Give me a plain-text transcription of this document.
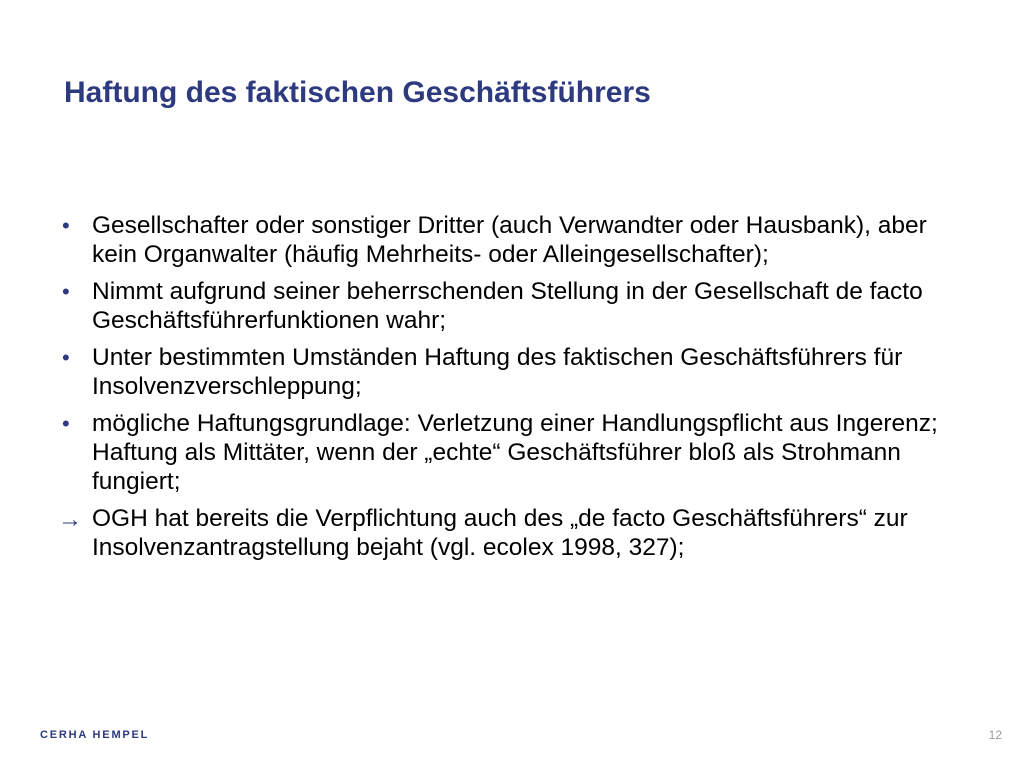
Haftung des faktischen Geschäftsführers
• Gesellschafter oder sonstiger Dritter (auch Verwandter oder Hausbank), aber kein Organwalter (häufig Mehrheits- oder Alleingesellschafter);
• Nimmt aufgrund seiner beherrschenden Stellung in der Gesellschaft de facto Geschäftsführerfunktionen wahr;
• Unter bestimmten Umständen Haftung des faktischen Geschäftsführers für Insolvenzverschleppung;
• mögliche Haftungsgrundlage: Verletzung einer Handlungspflicht aus Ingerenz; Haftung als Mittäter, wenn der „echte“ Geschäftsführer bloß als Strohmann fungiert;
→ OGH hat bereits die Verpflichtung auch des „de facto Geschäftsführers“ zur Insolvenzantragstellung bejaht (vgl. ecolex 1998, 327);
CERHA HEMPEL	12
